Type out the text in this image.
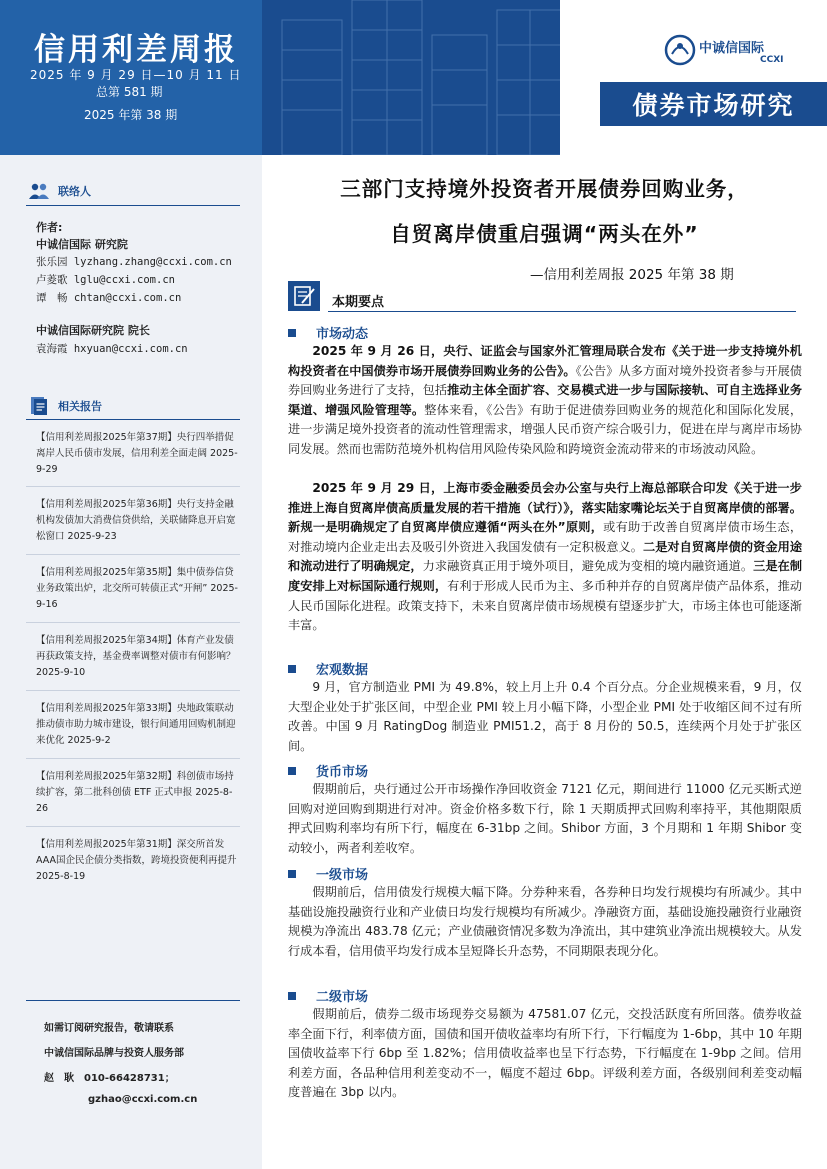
信用利差周报
2025 年 9 月 29 日—10 月 11 日
总第 581 期
2025 年第 38 期
中诚信国际
CCXI
债券市场研究
联络人
作者:
中诚信国际 研究院
张乐园 lyzhang.zhang@ccxi.com.cn
卢菱歌 lglu@ccxi.com.cn
谭　畅 chtan@ccxi.com.cn
中诚信国际研究院 院长
袁海霞 hxyuan@ccxi.com.cn
相关报告
【信用利差周报2025年第37期】央行四举措促离岸人民币债市发展，信用利差全面走阔 2025-9-29
【信用利差周报2025年第36期】央行支持金融机构发债加大消费信贷供给，关联储降息开启宽松窗口 2025-9-23
【信用利差周报2025年第35期】集中债券信贷业务政策出炉，北交所可转债正式“开闸” 2025-9-16
【信用利差周报2025年第34期】体育产业发债再获政策支持，基金费率调整对债市有何影响？ 2025-9-10
【信用利差周报2025年第33期】央地政策联动推动债市助力城市建设，银行间通用回购机制迎来优化 2025-9-2
【信用利差周报2025年第32期】科创债市场持续扩容，第二批科创债 ETF 正式申报 2025-8-26
【信用利差周报2025年第31期】深交所首发AAA国企民企债分类指数，跨境投资便利再提升 2025-8-19
如需订阅研究报告，敬请联系
中诚信国际品牌与投资人服务部
赵　耿　010-66428731；
gzhao@ccxi.com.cn
三部门支持境外投资者开展债券回购业务，
自贸离岸债重启强调“两头在外”
—信用利差周报 2025 年第 38 期
本期要点
市场动态
2025 年 9 月 26 日，央行、证监会与国家外汇管理局联合发布《关于进一步支持境外机构投资者在中国债券市场开展债券回购业务的公告》。《公告》从多方面对境外投资者参与开展债券回购业务进行了支持，包括推动主体全面扩容、交易模式进一步与国际接轨、可自主选择业务渠道、增强风险管理等。整体来看，《公告》有助于促进债券回购业务的规范化和国际化发展，进一步满足境外投资者的流动性管理需求，增强人民币资产综合吸引力，促进在岸与离岸市场协同发展。然而也需防范境外机构信用风险传染风险和跨境资金流动带来的市场波动风险。
2025 年 9 月 29 日，上海市委金融委员会办公室与央行上海总部联合印发《关于进一步推进上海自贸离岸债高质量发展的若干措施（试行）》，落实陆家嘴论坛关于自贸离岸债的部署。新规一是明确规定了自贸离岸债应遵循“两头在外”原则，或有助于改善自贸离岸债市场生态，对推动境内企业走出去及吸引外资进入我国发债有一定积极意义。二是对自贸离岸债的资金用途和流动进行了明确规定，力求融资真正用于境外项目，避免成为变相的境内融资通道。三是在制度安排上对标国际通行规则，有利于形成人民币为主、多币种并存的自贸离岸债产品体系，推动人民币国际化进程。政策支持下，未来自贸离岸债市场规模有望逐步扩大，市场主体也可能逐渐丰富。
宏观数据
9 月，官方制造业 PMI 为 49.8%，较上月上升 0.4 个百分点。分企业规模来看，9 月，仅大型企业处于扩张区间，中型企业 PMI 较上月小幅下降，小型企业 PMI 处于收缩区间不过有所改善。中国 9 月 RatingDog 制造业 PMI51.2，高于 8 月份的 50.5，连续两个月处于扩张区间。
货币市场
假期前后，央行通过公开市场操作净回收资金 7121 亿元，期间进行 11000 亿元买断式逆回购对逆回购到期进行对冲。资金价格多数下行，除 1 天期质押式回购利率持平，其他期限质押式回购利率均有所下行，幅度在 6-31bp 之间。Shibor 方面，3 个月期和 1 年期 Shibor 变动较小，两者利差收窄。
一级市场
假期前后，信用债发行规模大幅下降。分券种来看，各券种日均发行规模均有所减少。其中基础设施投融资行业和产业债日均发行规模均有所减少。净融资方面，基础设施投融资行业融资规模为净流出 483.78 亿元；产业债融资情况多数为净流出，其中建筑业净流出规模较大。从发行成本看，信用债平均发行成本呈短降长升态势，不同期限表现分化。
二级市场
假期前后，债券二级市场现券交易额为 47581.07 亿元，交投活跃度有所回落。债券收益率全面下行，利率债方面，国债和国开债收益率均有所下行，下行幅度为 1-6bp，其中 10 年期国债收益率下行 6bp 至 1.82%；信用债收益率也呈下行态势，下行幅度在 1-9bp 之间。信用利差方面，各品种信用利差变动不一，幅度不超过 6bp。评级利差方面，各级别间利差变动幅度普遍在 3bp 以内。
